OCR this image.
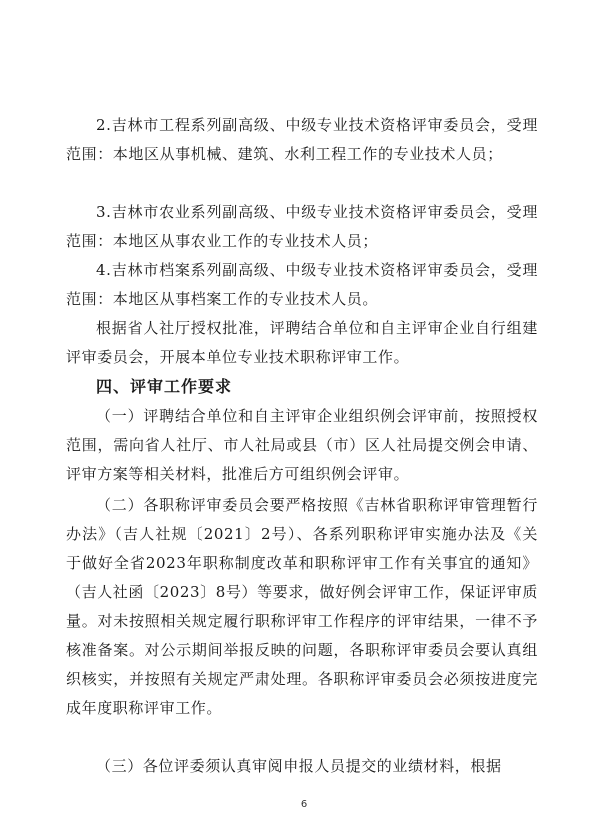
2.吉林市工程系列副高级、中级专业技术资格评审委员会，受理范围：本地区从事机械、建筑、水利工程工作的专业技术人员；

3.吉林市农业系列副高级、中级专业技术资格评审委员会，受理范围：本地区从事农业工作的专业技术人员；

4.吉林市档案系列副高级、中级专业技术资格评审委员会，受理范围：本地区从事档案工作的专业技术人员。

根据省人社厅授权批准，评聘结合单位和自主评审企业自行组建评审委员会，开展本单位专业技术职称评审工作。

四、评审工作要求

（一）评聘结合单位和自主评审企业组织例会评审前，按照授权范围，需向省人社厅、市人社局或县（市）区人社局提交例会申请、评审方案等相关材料，批准后方可组织例会评审。

（二）各职称评审委员会要严格按照《吉林省职称评审管理暂行办法》（吉人社规〔2021〕2号）、各系列职称评审实施办法及《关于做好全省2023年职称制度改革和职称评审工作有关事宜的通知》（吉人社函〔2023〕8号）等要求，做好例会评审工作，保证评审质量。对未按照相关规定履行职称评审工作程序的评审结果，一律不予核准备案。对公示期间举报反映的问题，各职称评审委员会要认真组织核实，并按照有关规定严肃处理。各职称评审委员会必须按进度完成年度职称评审工作。

（三）各位评委须认真审阅申报人员提交的业绩材料，根据

6
